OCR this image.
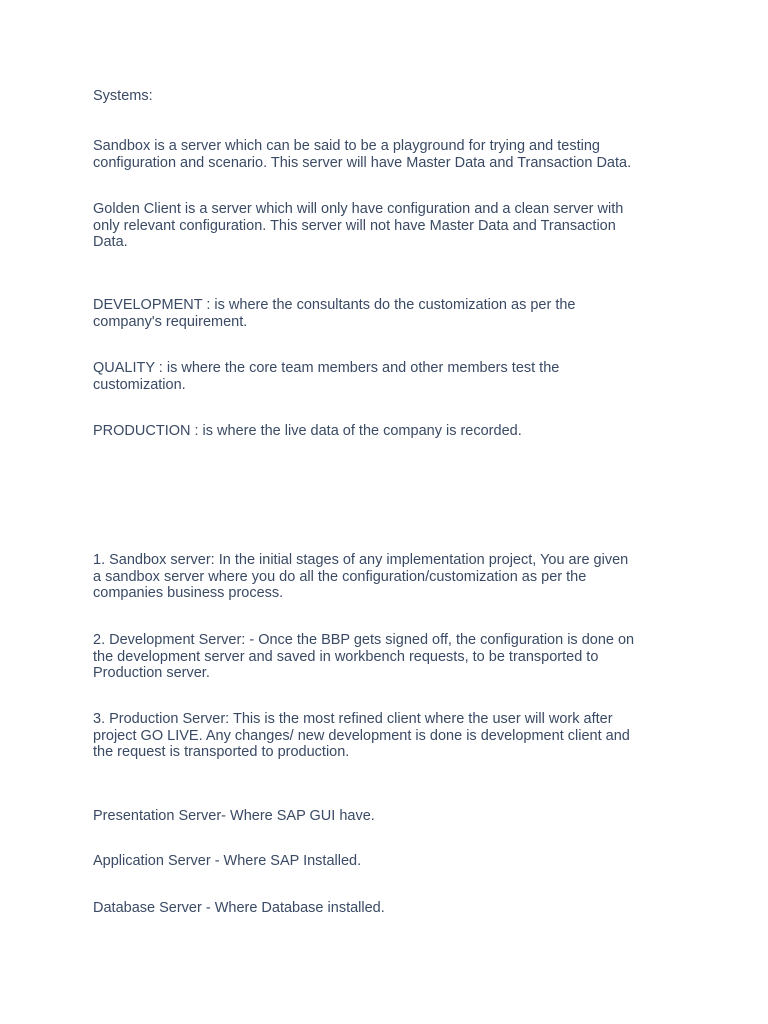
Systems:

Sandbox is a server which can be said to be a playground for trying and testing
configuration and scenario. This server will have Master Data and Transaction Data.

Golden Client is a server which will only have configuration and a clean server with
only relevant configuration. This server will not have Master Data and Transaction
Data.

DEVELOPMENT : is where the consultants do the customization as per the
company's requirement.

QUALITY : is where the core team members and other members test the
customization.

PRODUCTION : is where the live data of the company is recorded.

1. Sandbox server: In the initial stages of any implementation project, You are given
a sandbox server where you do all the configuration/customization as per the
companies business process.

2. Development Server: - Once the BBP gets signed off, the configuration is done on
the development server and saved in workbench requests, to be transported to
Production server.

3. Production Server: This is the most refined client where the user will work after
project GO LIVE. Any changes/ new development is done is development client and
the request is transported to production.

Presentation Server- Where SAP GUI have.

Application Server - Where SAP Installed.

Database Server - Where Database installed.
